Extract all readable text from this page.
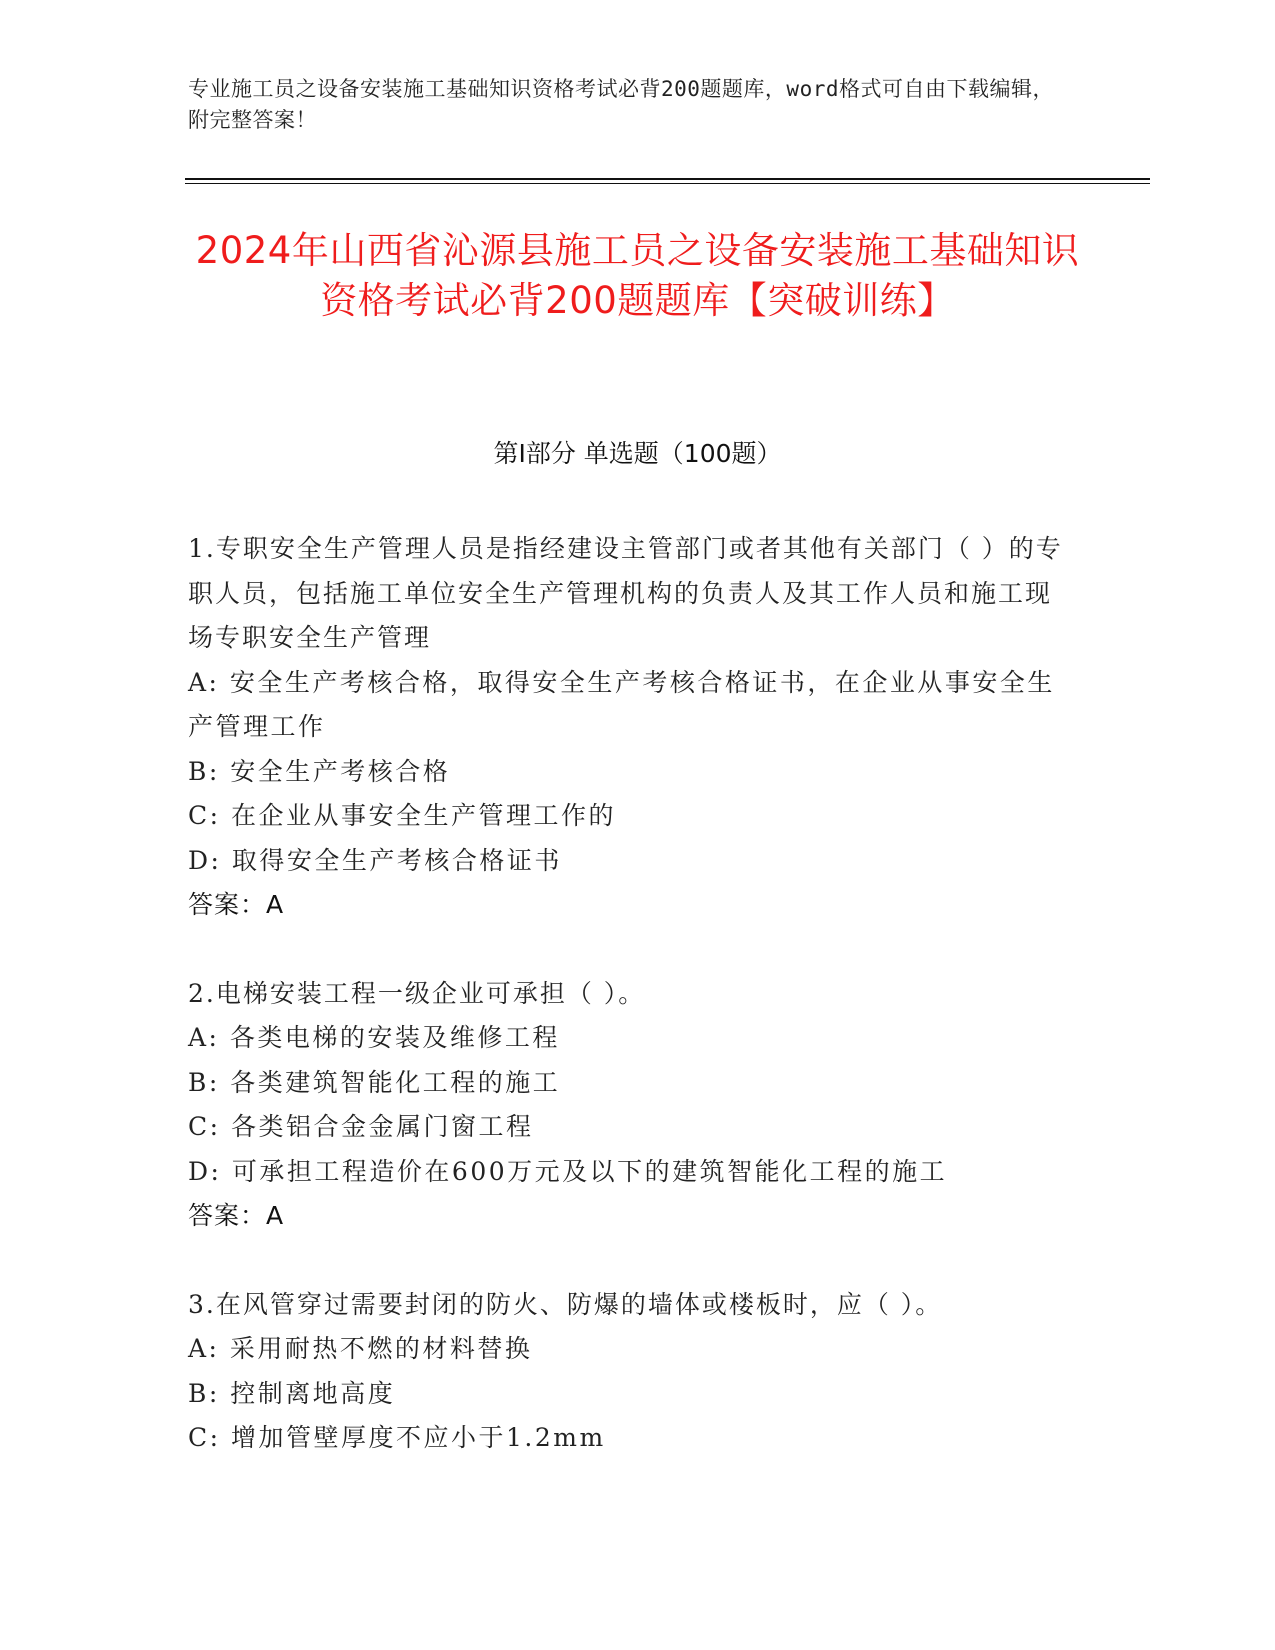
专业施工员之设备安装施工基础知识资格考试必背200题题库，word格式可自由下载编辑，附完整答案！
2024年山西省沁源县施工员之设备安装施工基础知识资格考试必背200题题库【突破训练】
第I部分 单选题（100题）
1.专职安全生产管理人员是指经建设主管部门或者其他有关部门（ ）的专职人员，包括施工单位安全生产管理机构的负责人及其工作人员和施工现场专职安全生产管理
A: 安全生产考核合格，取得安全生产考核合格证书，在企业从事安全生产管理工作
B: 安全生产考核合格
C: 在企业从事安全生产管理工作的
D: 取得安全生产考核合格证书
答案：A
2.电梯安装工程一级企业可承担（ ）。
A: 各类电梯的安装及维修工程
B: 各类建筑智能化工程的施工
C: 各类铝合金金属门窗工程
D: 可承担工程造价在600万元及以下的建筑智能化工程的施工
答案：A
3.在风管穿过需要封闭的防火、防爆的墙体或楼板时，应（ ）。
A: 采用耐热不燃的材料替换
B: 控制离地高度
C: 增加管壁厚度不应小于1.2mm
